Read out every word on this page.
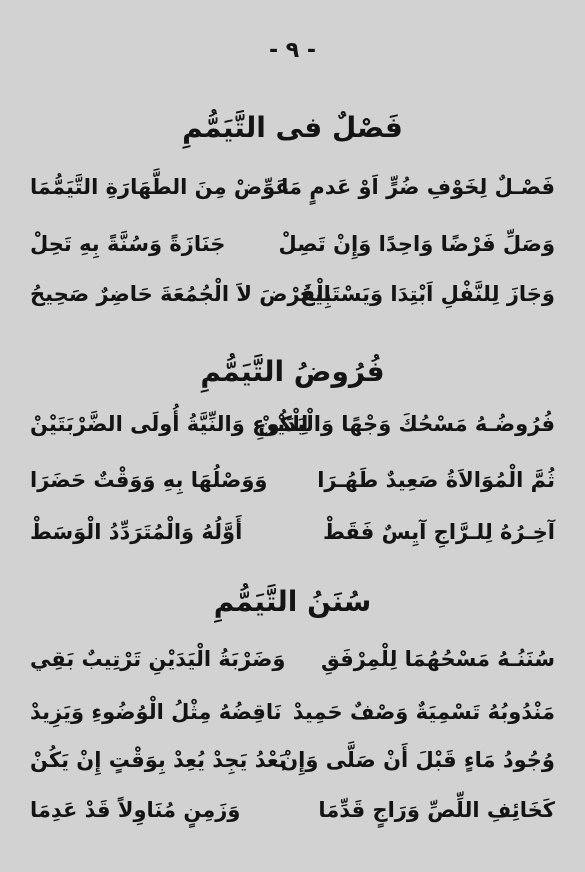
- ٩ -
فَصْلٌ فى التَّيَمُّمِ
فَصْـلٌ لِخَوْفِ ضُرٍّ اَوْ عَدمٍ مَا
عَوِّضْ مِنَ الطَّهَارَةِ التَّيَمُّمَا
وَصَلِّ فَرْضًا وَاحِدًا وَإِنْ تَصِلْ
جَنَازَةً وَسُنَّةً بِهِ تَحِلْ
وَجَازَ لِلنَّفْلِ اَبْتِدَا وَيَسْتَبِيحُ
الْفَرْضَ لاَ الْجُمُعَةَ حَاضِرٌ صَحِيحُ
فُرُوضُ التَّيَمُّمِ
فُرُوضُـهُ مَسْحُكَ وَجْهًا وَالْيَدَيْنْ
لِلْكُوعِ وَالنِّيَّةُ أُولَى الضَّرْبَتَيْنْ
ثُمَّ الْمُوَالاَةُ صَعِيدٌ طَهُـرَا
وَوَصْلُهَا بِهِ وَوَقْتٌ حَضَرَا
آخِـرُهُ لِلـرَّاجِ آيِسٌ فَقَطْ
أَوَّلُهُ وَالْمُتَرَدِّدُ الْوَسَطْ
سُنَنُ التَّيَمُّمِ
سُنَنُـهُ مَسْحُهُمَا لِلْمِرْفَقِ
وَضَرْبَةُ الْيَدَيْنِ تَرْتِيبٌ بَقِي
مَنْدُوبُهُ تَسْمِيَةٌ وَصْفٌ حَمِيدْ
نَاقِضُهُ مِثْلُ الْوُضُوءِ وَيَزِيدْ
وُجُودُ مَاءٍ قَبْلَ أَنْ صَلَّى وَإِنْ
بَعْدُ يَجِدْ يُعِدْ بِوَقْتٍ إِنْ يَكُنْ
كَخَائِفِ اللِّصِّ وَرَاجٍ قَدِّمَا
وَزَمِنٍ مُنَاوِلاً قَدْ عَدِمَا
